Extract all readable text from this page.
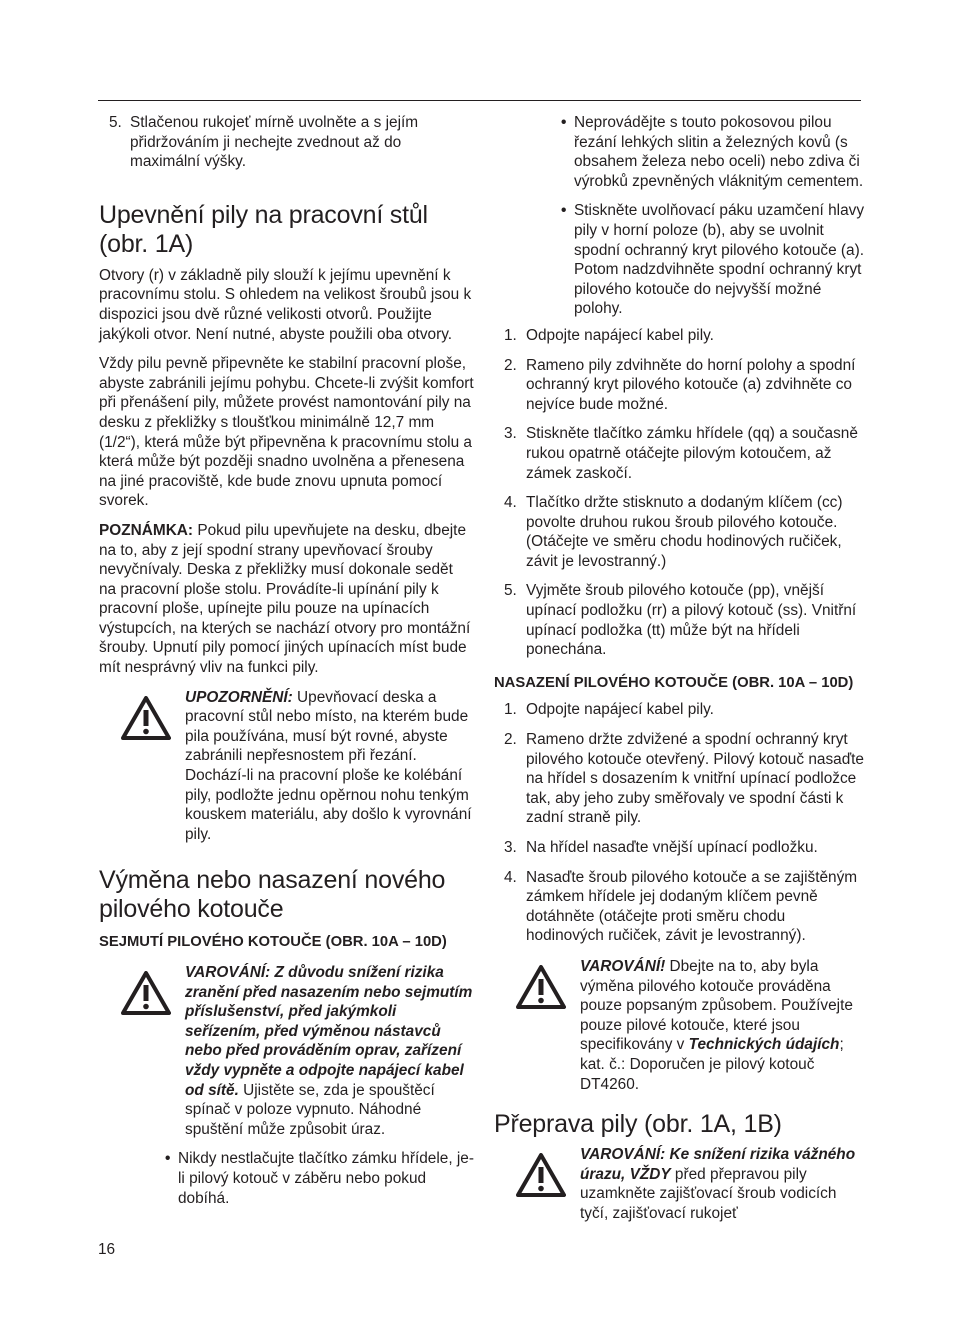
5. Stlačenou rukojeť mírně uvolněte a s jejím přidržováním ji nechejte zvednout až do maximální výšky.
Upevnění pily na pracovní stůl (obr. 1A)

Otvory (r) v základně pily slouží k jejímu upevnění k pracovnímu stolu. S ohledem na velikost šroubů jsou k dispozici jsou dvě různé velikosti otvorů. Použijte jakýkoli otvor. Není nutné, abyste použili oba otvory.

Vždy pilu pevně připevněte ke stabilní pracovní ploše, abyste zabránili jejímu pohybu. Chcete-li zvýšit komfort při přenášení pily, můžete provést namontování pily na desku z překližky s tloušťkou minimálně 12,7 mm (1/2“), která může být připevněna k pracovnímu stolu a která může být později snadno uvolněna a přenesena na jiné pracoviště, kde bude znovu upnuta pomocí svorek.

POZNÁMKA: Pokud pilu upevňujete na desku, dbejte na to, aby z její spodní strany upevňovací šrouby nevyčnívaly. Deska z překližky musí dokonale sedět na pracovní ploše stolu. Provádíte-li upínání pily k pracovní ploše, upínejte pilu pouze na upínacích výstupcích, na kterých se nachází otvory pro montážní šrouby. Upnutí pily pomocí jiných upínacích míst bude mít nesprávný vliv na funkci pily.

UPOZORNĚNÍ: Upevňovací deska a pracovní stůl nebo místo, na kterém bude pila používána, musí být rovné, abyste zabránili nepřesnostem při řezání. Dochází-li na pracovní ploše ke kolébání pily, podložte jednu opěrnou nohu tenkým kouskem materiálu, aby došlo k vyrovnání pily.

Výměna nebo nasazení nového pilového kotouče
SEJMUTÍ PILOVÉHO KOTOUČE (OBR. 10A – 10D)

VAROVÁNÍ: Z důvodu snížení rizika zranění před nasazením nebo sejmutím příslušenství, před jakýmkoli seřízením, před výměnou nástavců nebo před prováděním oprav, zařízení vždy vypněte a odpojte napájecí kabel od sítě. Ujistěte se, zda je spouštěcí spínač v poloze vypnuto. Náhodné spuštění může způsobit úraz.

• Nikdy nestlačujte tlačítko zámku hřídele, je-li pilový kotouč v záběru nebo pokud dobíhá.
• Neprovádějte s touto pokosovou pilou řezání lehkých slitin a železných kovů (s obsahem železa nebo oceli) nebo zdiva či výrobků zpevněných vláknitým cementem.
• Stiskněte uvolňovací páku uzamčení hlavy pily v horní poloze (b), aby se uvolnit spodní ochranný kryt pilového kotouče (a). Potom nadzdvihněte spodní ochranný kryt pilového kotouče do nejvyšší možné polohy.
1. Odpojte napájecí kabel pily.
2. Rameno pily zdvihněte do horní polohy a spodní ochranný kryt pilového kotouče (a) zdvihněte co nejvíce bude možné.
3. Stiskněte tlačítko zámku hřídele (qq) a současně rukou opatrně otáčejte pilovým kotoučem, až zámek zaskočí.
4. Tlačítko držte stisknuto a dodaným klíčem (cc) povolte druhou rukou šroub pilového kotouče. (Otáčejte ve směru chodu hodinových ručiček, závit je levostranný.)
5. Vyjměte šroub pilového kotouče (pp), vnější upínací podložku (rr) a pilový kotouč (ss). Vnitřní upínací podložka (tt) může být na hřídeli ponechána.
NASAZENÍ PILOVÉHO KOTOUČE (OBR. 10A – 10D)
1. Odpojte napájecí kabel pily.
2. Rameno držte zdvižené a spodní ochranný kryt pilového kotouče otevřený. Pilový kotouč nasaďte na hřídel s dosazením k vnitřní upínací podložce tak, aby jeho zuby směřovaly ve spodní části k zadní straně pily.
3. Na hřídel nasaďte vnější upínací podložku.
4. Nasaďte šroub pilového kotouče a se zajištěným zámkem hřídele jej dodaným klíčem pevně dotáhněte (otáčejte proti směru chodu hodinových ručiček, závit je levostranný).

VAROVÁNÍ! Dbejte na to, aby byla výměna pilového kotouče prováděna pouze popsaným způsobem. Používejte pouze pilové kotouče, které jsou specifikovány v Technických údajích; kat. č.: Doporučen je pilový kotouč DT4260.

Přeprava pily (obr. 1A, 1B)

VAROVÁNÍ: Ke snížení rizika vážného úrazu, VŽDY před přepravou pily uzamkněte zajišťovací šroub vodicích tyčí, zajišťovací rukojeť

16
